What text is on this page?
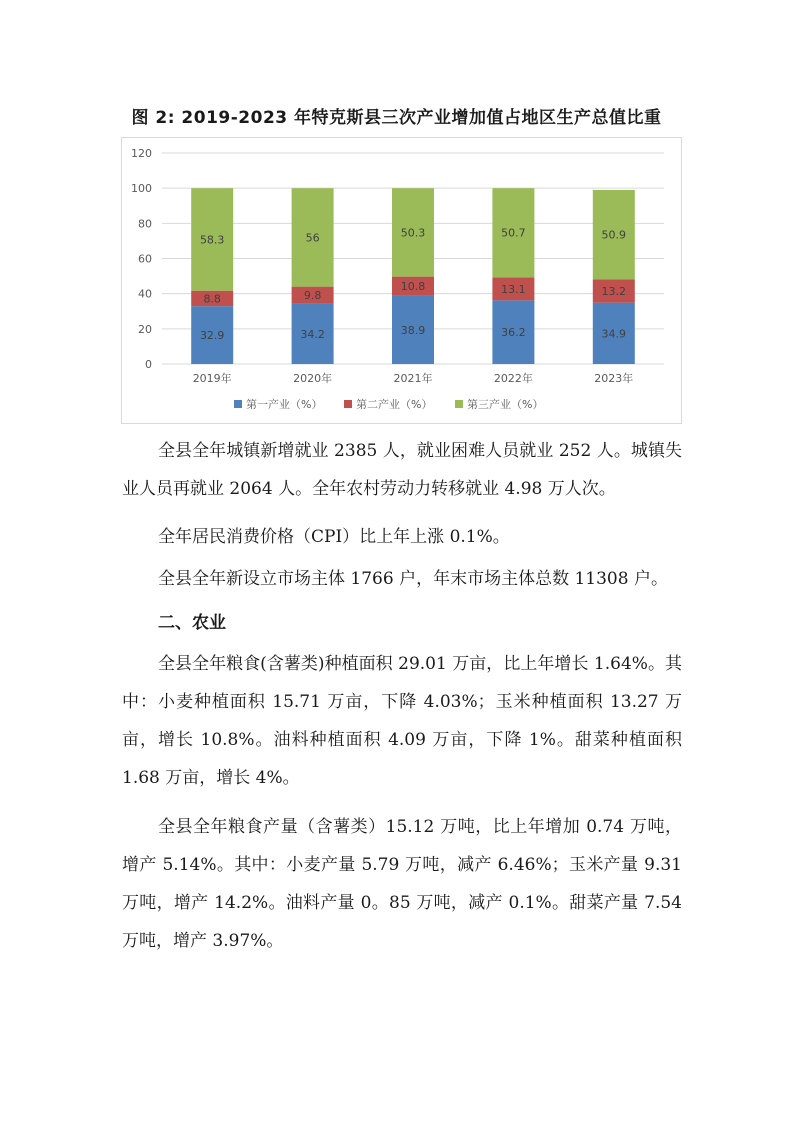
图 2: 2019-2023 年特克斯县三次产业增加值占地区生产总值比重
0
20
40
60
80
100
120
32.9
8.8
58.3
2019年
34.2
9.8
56
2020年
38.9
10.8
50.3
2021年
36.2
13.1
50.7
2022年
34.9
13.2
50.9
2023年
第一产业（%）	第二产业（%）	第三产业（%）
全县全年城镇新增就业 2385 人，就业困难人员就业 252 人。城镇失业人员再就业 2064 人。全年农村劳动力转移就业 4.98 万人次。
全年居民消费价格（CPI）比上年上涨 0.1%。
全县全年新设立市场主体 1766 户，年末市场主体总数 11308 户。
二、农业
全县全年粮食(含薯类)种植面积 29.01 万亩，比上年增长 1.64%。其中：小麦种植面积 15.71 万亩，下降 4.03%；玉米种植面积 13.27 万亩，增长 10.8%。油料种植面积 4.09 万亩，下降 1%。甜菜种植面积 1.68 万亩，增长 4%。
全县全年粮食产量（含薯类）15.12 万吨，比上年增加 0.74 万吨，增产 5.14%。其中：小麦产量 5.79 万吨，减产 6.46%；玉米产量 9.31 万吨，增产 14.2%。油料产量 0。85 万吨，减产 0.1%。甜菜产量 7.54 万吨，增产 3.97%。
